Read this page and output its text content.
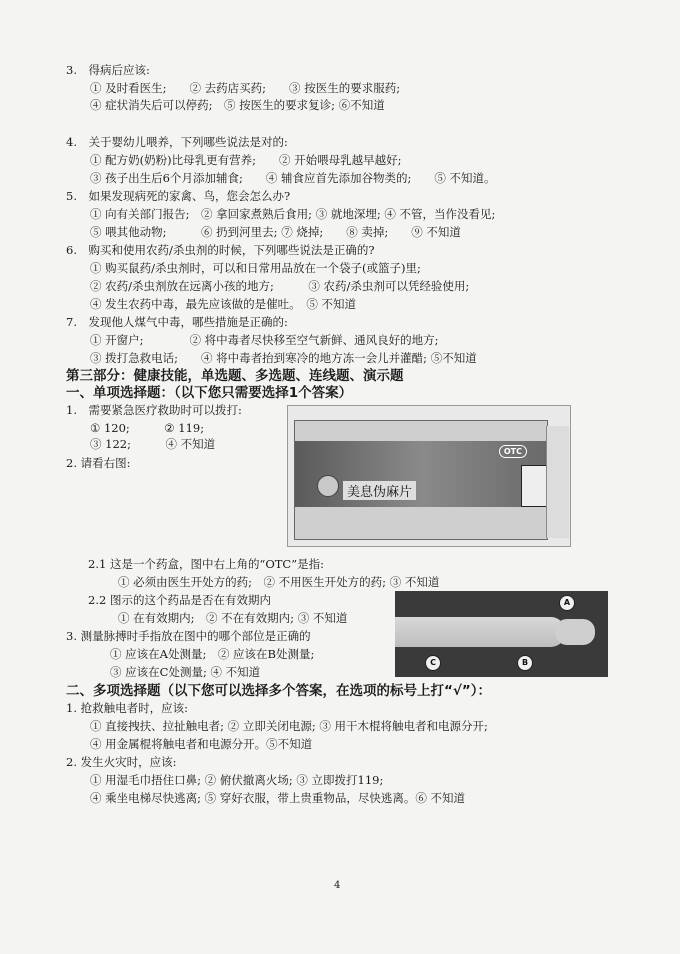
3.　得病后应该:
① 及时看医生;　　② 去药店买药;　　③ 按医生的要求服药;
④ 症状消失后可以停药;　⑤ 按医生的要求复诊; ⑥不知道
4.　关于婴幼儿喂养，下列哪些说法是对的:
① 配方奶(奶粉)比母乳更有营养;　　② 开始喂母乳越早越好;
③ 孩子出生后6个月添加辅食;　　④ 辅食应首先添加谷物类的;　　⑤ 不知道。
5.　如果发现病死的家禽、鸟，您会怎么办?
① 向有关部门报告;　② 拿回家煮熟后食用; ③ 就地深埋; ④ 不管，当作没看见;
⑤ 喂其他动物;　　　⑥ 扔到河里去; ⑦ 烧掉;　　⑧ 卖掉;　　⑨ 不知道
6.　购买和使用农药/杀虫剂的时候，下列哪些说法是正确的?
① 购买鼠药/杀虫剂时，可以和日常用品放在一个袋子(或篮子)里;
② 农药/杀虫剂放在远离小孩的地方;　　　③ 农药/杀虫剂可以凭经验使用;
④ 发生农药中毒，最先应该做的是催吐。　⑤ 不知道
7.　发现他人煤气中毒，哪些措施是正确的:
① 开窗户;　　　　② 将中毒者尽快移至空气新鲜、通风良好的地方;
③ 拨打急救电话;　　④ 将中毒者抬到寒冷的地方冻一会儿并灌醋; ⑤不知道
1.　需要紧急医疗救助时可以拨打:
① 120;　　　② 119;
③ 122;　　　④ 不知道
2. 请看右图:
2.1 这是一个药盒，图中右上角的“OTC”是指:
① 必须由医生开处方的药;　② 不用医生开处方的药; ③ 不知道
2.2 图示的这个药品是否在有效期内
① 在有效期内;　② 不在有效期内; ③ 不知道
3. 测量脉搏时手指放在图中的哪个部位是正确的
① 应该在A处测量;　② 应该在B处测量;
③ 应该在C处测量; ④ 不知道
1. 抢救触电者时，应该:
① 直接拽扶、拉扯触电者; ② 立即关闭电源; ③ 用干木棍将触电者和电源分开;
④ 用金属棍将触电者和电源分开。⑤不知道
2. 发生火灾时，应该:
① 用湿毛巾捂住口鼻; ② 俯伏撤离火场; ③ 立即拨打119;
④ 乘坐电梯尽快逃离; ⑤ 穿好衣服，带上贵重物品，尽快逃离。⑥ 不知道
第三部分：健康技能，单选题、多选题、连线题、演示题
一、单项选择题：（以下您只需要选择1个答案）
二、多项选择题（以下您可以选择多个答案，在选项的标号上打“√”）：
OTC
美息伪麻片
A
B
C
4
